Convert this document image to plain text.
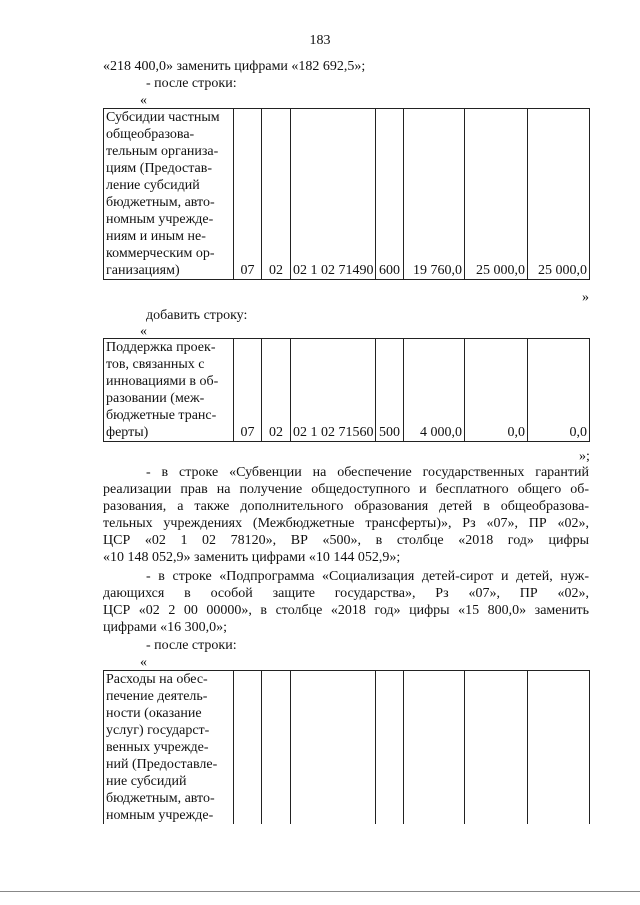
183
«218 400,0» заменить цифрами «182 692,5»;
- после строки:
«
Субсидии частным
общеобразова-
тельным организа-
циям (Предостав-
ление субсидий
бюджетным, авто-
номным учрежде-
ниям и иным не-
коммерческим ор-
ганизациям)	07	02	02 1 02 71490	600	19 760,0	25 000,0	25 000,0
»
добавить строку:
«
Поддержка проек-
тов, связанных с
инновациями в об-
разовании (меж-
бюджетные транс-
ферты)	07	02	02 1 02 71560	500	4 000,0	0,0	0,0
»;
- в строке «Субвенции на обеспечение государственных гарантий
реализации прав на получение общедоступного и бесплатного общего об-
разования, а также дополнительного образования детей в общеобразова-
тельных учреждениях (Межбюджетные трансферты)», Рз «07», ПР «02»,
ЦСР «02 1 02 78120», ВР «500», в столбце «2018 год» цифры
«10 148 052,9» заменить цифрами «10 144 052,9»;
- в строке «Подпрограмма «Социализация детей-сирот и детей, нуж-
дающихся в особой защите государства», Рз «07», ПР «02»,
ЦСР «02 2 00 00000», в столбце «2018 год» цифры «15 800,0» заменить
цифрами «16 300,0»;
- после строки:
«
Расходы на обес-
печение деятель-
ности (оказание
услуг) государст-
венных учрежде-
ний (Предоставле-
ние субсидий
бюджетным, авто-
номным учрежде-
